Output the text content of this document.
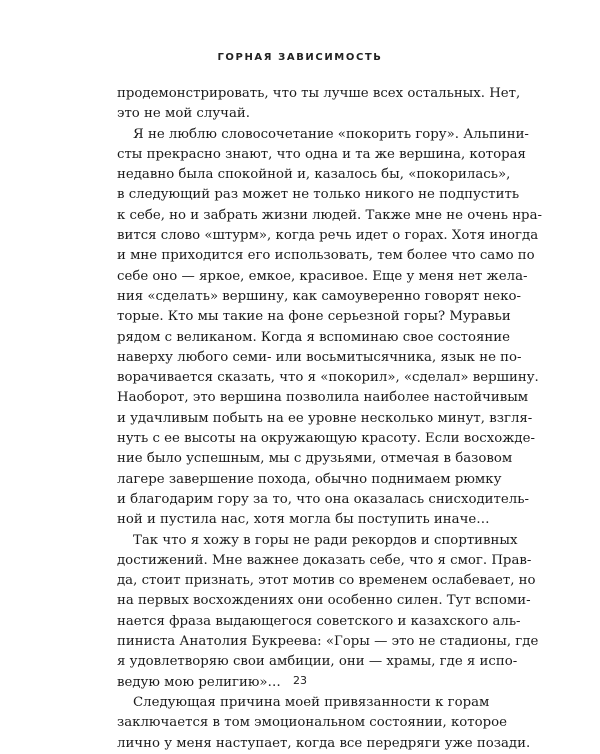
ГОРНАЯ ЗАВИСИМОСТЬ

продемонстрировать, что ты лучше всех остальных. Нет,
это не мой случай.

Я не люблю словосочетание «покорить гору». Альпини-
сты прекрасно знают, что одна и та же вершина, которая
недавно была спокойной и, казалось бы, «покорилась»,
в следующий раз может не только никого не подпустить
к себе, но и забрать жизни людей. Также мне не очень нра-
вится слово «штурм», когда речь идет о горах. Хотя иногда
и мне приходится его использовать, тем более что само по
себе оно — яркое, емкое, красивое. Еще у меня нет жела-
ния «сделать» вершину, как самоуверенно говорят неко-
торые. Кто мы такие на фоне серьезной горы? Муравьи
рядом с великаном. Когда я вспоминаю свое состояние
наверху любого семи- или восьмитысячника, язык не по-
ворачивается сказать, что я «покорил», «сделал» вершину.
Наоборот, это вершина позволила наиболее настойчивым
и удачливым побыть на ее уровне несколько минут, взгля-
нуть с ее высоты на окружающую красоту. Если восхожде-
ние было успешным, мы с друзьями, отмечая в базовом
лагере завершение похода, обычно поднимаем рюмку
и благодарим гору за то, что она оказалась снисходитель-
ной и пустила нас, хотя могла бы поступить иначе…

Так что я хожу в горы не ради рекордов и спортивных
достижений. Мне важнее доказать себе, что я смог. Прав-
да, стоит признать, этот мотив со временем ослабевает, но
на первых восхождениях они особенно силен. Тут вспоми-
нается фраза выдающегося советского и казахского аль-
пиниста Анатолия Букреева: «Горы — это не стадионы, где
я удовлетворяю свои амбиции, они — храмы, где я испо-
ведую мою религию»…

Следующая причина моей привязанности к горам
заключается в том эмоциональном состоянии, которое
лично у меня наступает, когда все передряги уже позади.

23
